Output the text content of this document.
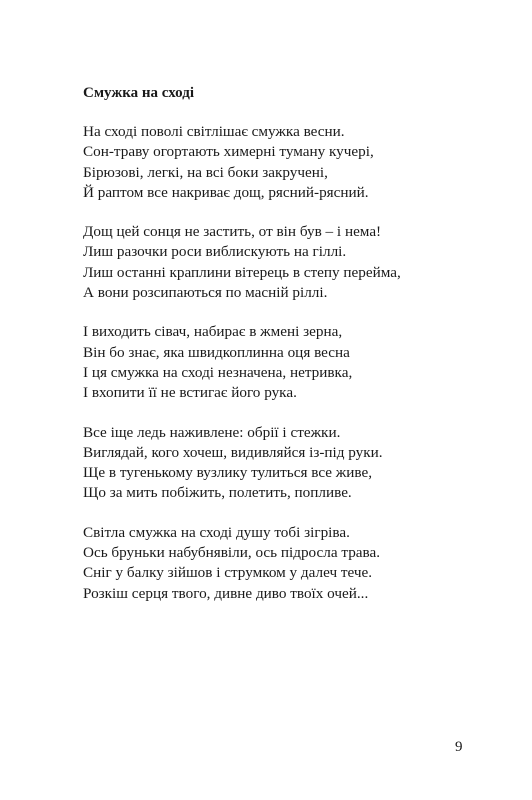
Смужка на сході
На сході поволі світлішає смужка весни.
Сон-траву огортають химерні туману кучері,
Бірюзові, легкі, на всі боки закручені,
Й раптом все накриває дощ, рясний-рясний.
Дощ цей сонця не застить, от він був – і нема!
Лиш разочки роси виблискують на гіллі.
Лиш останні краплини вітерець в степу перейма,
А вони розсипаються по масній ріллі.
І виходить сівач, набирає в жмені зерна,
Він бо знає, яка швидкоплинна оця весна
І ця смужка на сході незначена, нетривка,
І вхопити її не встигає його рука.
Все іще ледь наживлене: обрії і стежки.
Виглядай, кого хочеш, видивляйся із-під руки.
Ще в тугенькому вузлику тулиться все живе,
Що за мить побіжить, полетить, попливе.
Світла смужка на сході душу тобі зігріва.
Ось бруньки набубнявіли, ось підросла трава.
Сніг у балку зійшов і струмком у далеч тече.
Розкіш серця твого, дивне диво твоїх очей...
9
